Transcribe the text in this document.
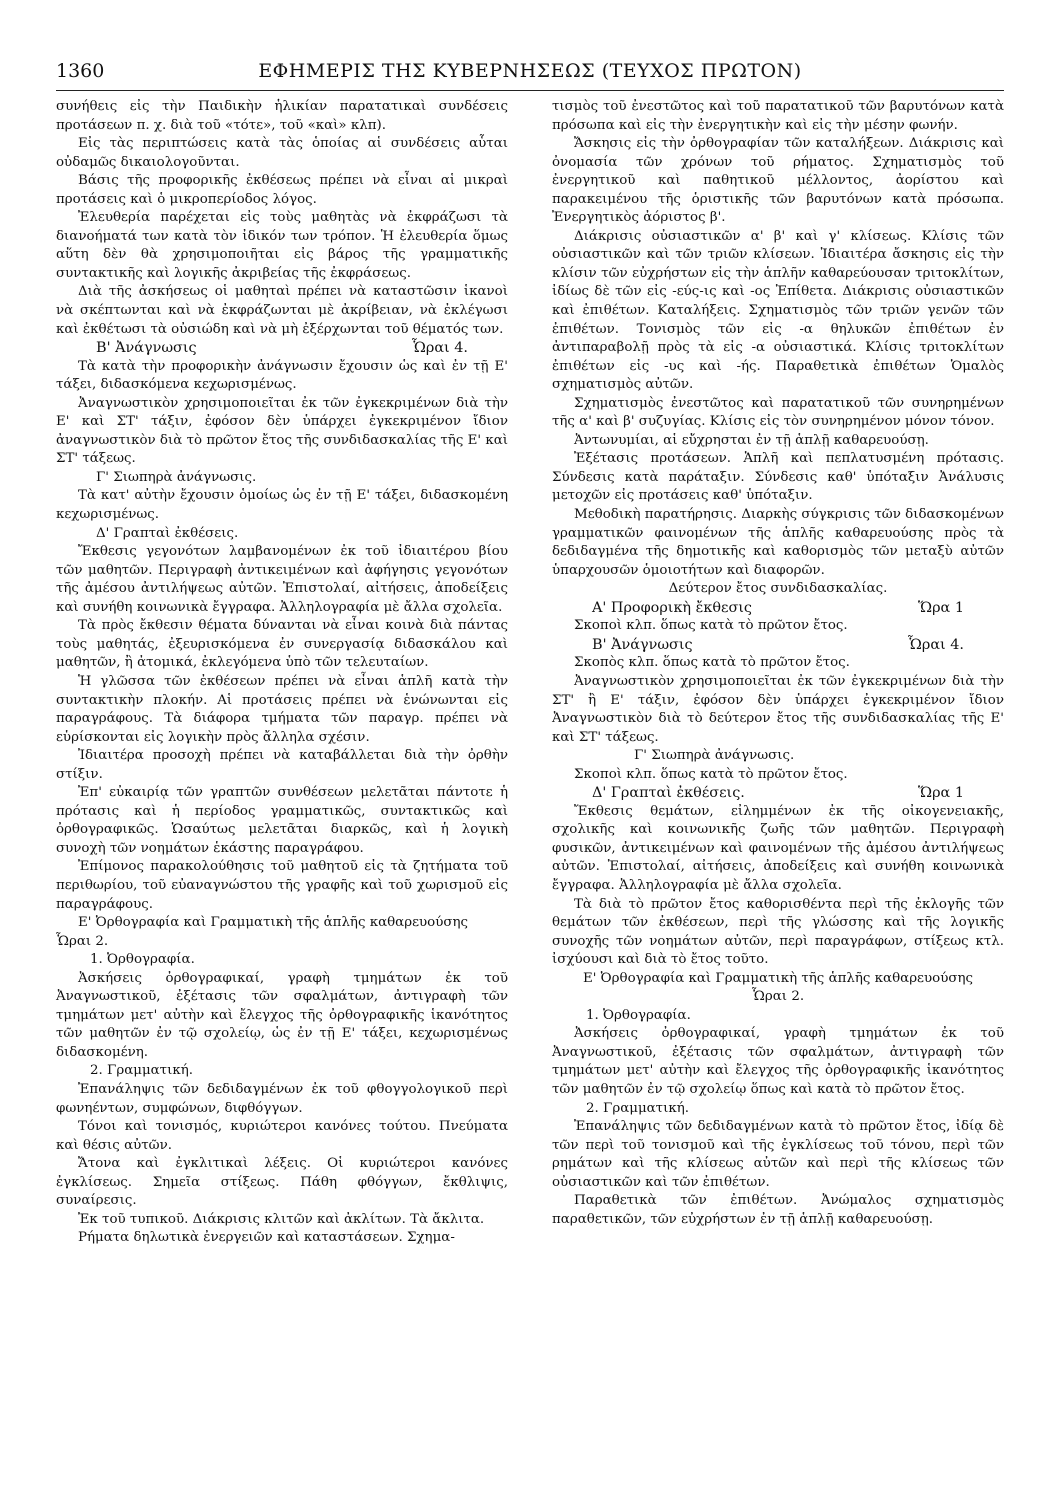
1360	ΕΦΗΜΕΡΙΣ ΤΗΣ ΚΥΒΕΡΝΗΣΕΩΣ (ΤΕΥΧΟΣ ΠΡΩΤΟΝ)

συνήθεις εἰς τὴν Παιδικὴν ἡλικίαν παρατατικαὶ συνδέσεις προτάσεων π. χ. διὰ τοῦ «τότε», τοῦ «καὶ» κλπ).

Εἰς τὰς περιπτώσεις κατὰ τὰς ὁποίας αἱ συνδέσεις αὗται οὐδαμῶς δικαιολογοῦνται.

Βάσις τῆς προφορικῆς ἐκθέσεως πρέπει νὰ εἶναι αἱ μικραὶ προτάσεις καὶ ὁ μικροπερίοδος λόγος.

Ἐλευθερία παρέχεται εἰς τοὺς μαθητὰς νὰ ἐκφράζωσι τὰ διανοήματά των κατὰ τὸν ἰδικόν των τρόπον. Ἡ ἐλευθερία ὅμως αὕτη δὲν θὰ χρησιμοποιῆται εἰς βάρος τῆς γραμματικῆς συντακτικῆς καὶ λογικῆς ἀκριβείας τῆς ἐκφράσεως.

Διὰ τῆς ἀσκήσεως οἱ μαθηταὶ πρέπει νὰ καταστῶσιν ἱκανοὶ νὰ σκέπτωνται καὶ νὰ ἐκφράζωνται μὲ ἀκρίβειαν, νὰ ἐκλέγωσι καὶ ἐκθέτωσι τὰ οὐσιώδη καὶ νὰ μὴ ἐξέρχωνται τοῦ θέματός των.

Β' Ἀνάγνωσις	Ὧραι 4.

Τὰ κατὰ τὴν προφορικὴν ἀνάγνωσιν ἔχουσιν ὡς καὶ ἐν τῇ Ε' τάξει, διδασκόμενα κεχωρισμένως.

Ἀναγνωστικὸν χρησιμοποιεῖται ἐκ τῶν ἐγκεκριμένων διὰ τὴν Ε' καὶ ΣΤ' τάξιν, ἐφόσον δὲν ὑπάρχει ἐγκεκριμένον ἴδιον ἀναγνωστικὸν διὰ τὸ πρῶτον ἔτος τῆς συνδιδασκαλίας τῆς Ε' καὶ ΣΤ' τάξεως.

Γ' Σιωπηρὰ ἀνάγνωσις.

Τὰ κατ' αὐτὴν ἔχουσιν ὁμοίως ὡς ἐν τῇ Ε' τάξει, διδασκομένη κεχωρισμένως.

Δ' Γραπταὶ ἐκθέσεις.

Ἔκθεσις γεγονότων λαμβανομένων ἐκ τοῦ ἰδιαιτέρου βίου τῶν μαθητῶν. Περιγραφὴ ἀντικειμένων καὶ ἀφήγησις γεγονότων τῆς ἀμέσου ἀντιλήψεως αὐτῶν. Ἐπιστολαί, αἰτήσεις, ἀποδείξεις καὶ συνήθη κοινωνικὰ ἔγγραφα. Ἀλληλογραφία μὲ ἄλλα σχολεῖα.

Τὰ πρὸς ἔκθεσιν θέματα δύνανται νὰ εἶναι κοινὰ διὰ πάντας τοὺς μαθητάς, ἐξευρισκόμενα ἐν συνεργασίᾳ διδασκάλου καὶ μαθητῶν, ἢ ἀτομικά, ἐκλεγόμενα ὑπὸ τῶν τελευταίων.

Ἡ γλῶσσα τῶν ἐκθέσεων πρέπει νὰ εἶναι ἁπλῆ κατὰ τὴν συντακτικὴν πλοκήν. Αἱ προτάσεις πρέπει νὰ ἑνώνωνται εἰς παραγράφους. Τὰ διάφορα τμήματα τῶν παραγρ. πρέπει νὰ εὑρίσκονται εἰς λογικὴν πρὸς ἄλληλα σχέσιν.

Ἰδιαιτέρα προσοχὴ πρέπει νὰ καταβάλλεται διὰ τὴν ὀρθὴν στίξιν.

Ἐπ' εὐκαιρίᾳ τῶν γραπτῶν συνθέσεων μελετᾶται πάντοτε ἡ πρότασις καὶ ἡ περίοδος γραμματικῶς, συντακτικῶς καὶ ὀρθογραφικῶς. Ὡσαύτως μελετᾶται διαρκῶς, καὶ ἡ λογικὴ συνοχὴ τῶν νοημάτων ἑκάστης παραγράφου.

Ἐπίμονος παρακολούθησις τοῦ μαθητοῦ εἰς τὰ ζητήματα τοῦ περιθωρίου, τοῦ εὐαναγνώστου τῆς γραφῆς καὶ τοῦ χωρισμοῦ εἰς παραγράφους.

Ε' Ὀρθογραφία καὶ Γραμματικὴ τῆς ἁπλῆς καθαρευούσης

Ὧραι 2.

1. Ὀρθογραφία.

Ἀσκήσεις ὀρθογραφικαί, γραφὴ τμημάτων ἐκ τοῦ Ἀναγνωστικοῦ, ἐξέτασις τῶν σφαλμάτων, ἀντιγραφὴ τῶν τμημάτων μετ' αὐτὴν καὶ ἔλεγχος τῆς ὀρθογραφικῆς ἱκανότητος τῶν μαθητῶν ἐν τῷ σχολείῳ, ὡς ἐν τῇ Ε' τάξει, κεχωρισμένως διδασκομένη.

2. Γραμματική.

Ἐπανάληψις τῶν δεδιδαγμένων ἐκ τοῦ φθογγολογικοῦ περὶ φωνηέντων, συμφώνων, διφθόγγων.

Τόνοι καὶ τονισμός, κυριώτεροι κανόνες τούτου. Πνεύματα καὶ θέσις αὐτῶν.

Ἄτονα καὶ ἐγκλιτικαὶ λέξεις. Οἱ κυριώτεροι κανόνες ἐγκλίσεως. Σημεῖα στίξεως. Πάθη φθόγγων, ἔκθλιψις, συναίρεσις.

Ἐκ τοῦ τυπικοῦ. Διάκρισις κλιτῶν καὶ ἀκλίτων. Τὰ ἄκλιτα.

Ρήματα δηλωτικὰ ἐνεργειῶν καὶ καταστάσεων. Σχημα-

τισμὸς τοῦ ἐνεστῶτος καὶ τοῦ παρατατικοῦ τῶν βαρυτόνων κατὰ πρόσωπα καὶ εἰς τὴν ἐνεργητικὴν καὶ εἰς τὴν μέσην φωνήν.

Ἄσκησις εἰς τὴν ὀρθογραφίαν τῶν καταλήξεων. Διάκρισις καὶ ὀνομασία τῶν χρόνων τοῦ ρήματος. Σχηματισμὸς τοῦ ἐνεργητικοῦ καὶ παθητικοῦ μέλλοντος, ἀορίστου καὶ παρακειμένου τῆς ὁριστικῆς τῶν βαρυτόνων κατὰ πρόσωπα. Ἐνεργητικὸς ἀόριστος β'.

Διάκρισις οὐσιαστικῶν α' β' καὶ γ' κλίσεως. Κλίσις τῶν οὐσιαστικῶν καὶ τῶν τριῶν κλίσεων. Ἰδιαιτέρα ἄσκησις εἰς τὴν κλίσιν τῶν εὐχρήστων εἰς τὴν ἁπλῆν καθαρεύουσαν τριτοκλίτων, ἰδίως δὲ τῶν εἰς -εύς-ις καὶ -ος Ἐπίθετα. Διάκρισις οὐσιαστικῶν καὶ ἐπιθέτων. Καταλήξεις. Σχηματισμὸς τῶν τριῶν γενῶν τῶν ἐπιθέτων. Τονισμὸς τῶν εἰς -α θηλυκῶν ἐπιθέτων ἐν ἀντιπαραβολῇ πρὸς τὰ εἰς -α οὐσιαστικά. Κλίσις τριτοκλίτων ἐπιθέτων εἰς -υς καὶ -ής. Παραθετικὰ ἐπιθέτων Ὁμαλὸς σχηματισμὸς αὐτῶν.

Σχηματισμὸς ἐνεστῶτος καὶ παρατατικοῦ τῶν συνηρημένων τῆς α' καὶ β' συζυγίας. Κλίσις εἰς τὸν συνηρημένον μόνον τόνον.

Ἀντωνυμίαι, αἱ εὔχρησται ἐν τῇ ἁπλῇ καθαρευούσῃ.

Ἐξέτασις προτάσεων. Ἁπλῆ καὶ πεπλατυσμένη πρότασις. Σύνδεσις κατὰ παράταξιν. Σύνδεσις καθ' ὑπόταξιν Ἀνάλυσις μετοχῶν εἰς προτάσεις καθ' ὑπόταξιν.

Μεθοδικὴ παρατήρησις. Διαρκὴς σύγκρισις τῶν διδασκομένων γραμματικῶν φαινομένων τῆς ἁπλῆς καθαρευούσης πρὸς τὰ δεδιδαγμένα τῆς δημοτικῆς καὶ καθορισμὸς τῶν μεταξὺ αὐτῶν ὑπαρχουσῶν ὁμοιοτήτων καὶ διαφορῶν.

Δεύτερον ἔτος συνδιδασκαλίας.

Α' Προφορικὴ ἔκθεσις	Ὥρα 1

Σκοποὶ κλπ. ὅπως κατὰ τὸ πρῶτον ἔτος.

Β' Ἀνάγνωσις	Ὧραι 4.

Σκοπὸς κλπ. ὅπως κατὰ τὸ πρῶτον ἔτος.

Ἀναγνωστικὸν χρησιμοποιεῖται ἐκ τῶν ἐγκεκριμένων διὰ τὴν ΣΤ' ἢ Ε' τάξιν, ἐφόσον δὲν ὑπάρχει ἐγκεκριμένον ἴδιον Ἀναγνωστικὸν διὰ τὸ δεύτερον ἔτος τῆς συνδιδασκαλίας τῆς Ε' καὶ ΣΤ' τάξεως.

Γ' Σιωπηρὰ ἀνάγνωσις.

Σκοποὶ κλπ. ὅπως κατὰ τὸ πρῶτον ἔτος.

Δ' Γραπταὶ ἐκθέσεις.	Ὥρα 1

Ἔκθεσις θεμάτων, εἰλημμένων ἐκ τῆς οἰκογενειακῆς, σχολικῆς καὶ κοινωνικῆς ζωῆς τῶν μαθητῶν. Περιγραφὴ φυσικῶν, ἀντικειμένων καὶ φαινομένων τῆς ἀμέσου ἀντιλήψεως αὐτῶν. Ἐπιστολαί, αἰτήσεις, ἀποδείξεις καὶ συνήθη κοινωνικὰ ἔγγραφα. Ἀλληλογραφία μὲ ἄλλα σχολεῖα.

Τὰ διὰ τὸ πρῶτον ἔτος καθορισθέντα περὶ τῆς ἐκλογῆς τῶν θεμάτων τῶν ἐκθέσεων, περὶ τῆς γλώσσης καὶ τῆς λογικῆς συνοχῆς τῶν νοημάτων αὐτῶν, περὶ παραγράφων, στίξεως κτλ. ἰσχύουσι καὶ διὰ τὸ ἔτος τοῦτο.

Ε' Ὀρθογραφία καὶ Γραμματικὴ τῆς ἁπλῆς καθαρευούσης

Ὧραι 2.

1. Ὀρθογραφία.

Ἀσκήσεις ὀρθογραφικαί, γραφὴ τμημάτων ἐκ τοῦ Ἀναγνωστικοῦ, ἐξέτασις τῶν σφαλμάτων, ἀντιγραφὴ τῶν τμημάτων μετ' αὐτὴν καὶ ἔλεγχος τῆς ὀρθογραφικῆς ἱκανότητος τῶν μαθητῶν ἐν τῷ σχολείῳ ὅπως καὶ κατὰ τὸ πρῶτον ἔτος.

2. Γραμματική.

Ἐπανάληψις τῶν δεδιδαγμένων κατὰ τὸ πρῶτον ἔτος, ἰδίᾳ δὲ τῶν περὶ τοῦ τονισμοῦ καὶ τῆς ἐγκλίσεως τοῦ τόνου, περὶ τῶν ρημάτων καὶ τῆς κλίσεως αὐτῶν καὶ περὶ τῆς κλίσεως τῶν οὐσιαστικῶν καὶ τῶν ἐπιθέτων.

Παραθετικὰ τῶν ἐπιθέτων. Ἀνώμαλος σχηματισμὸς παραθετικῶν, τῶν εὐχρήστων ἐν τῇ ἁπλῇ καθαρευούσῃ.
